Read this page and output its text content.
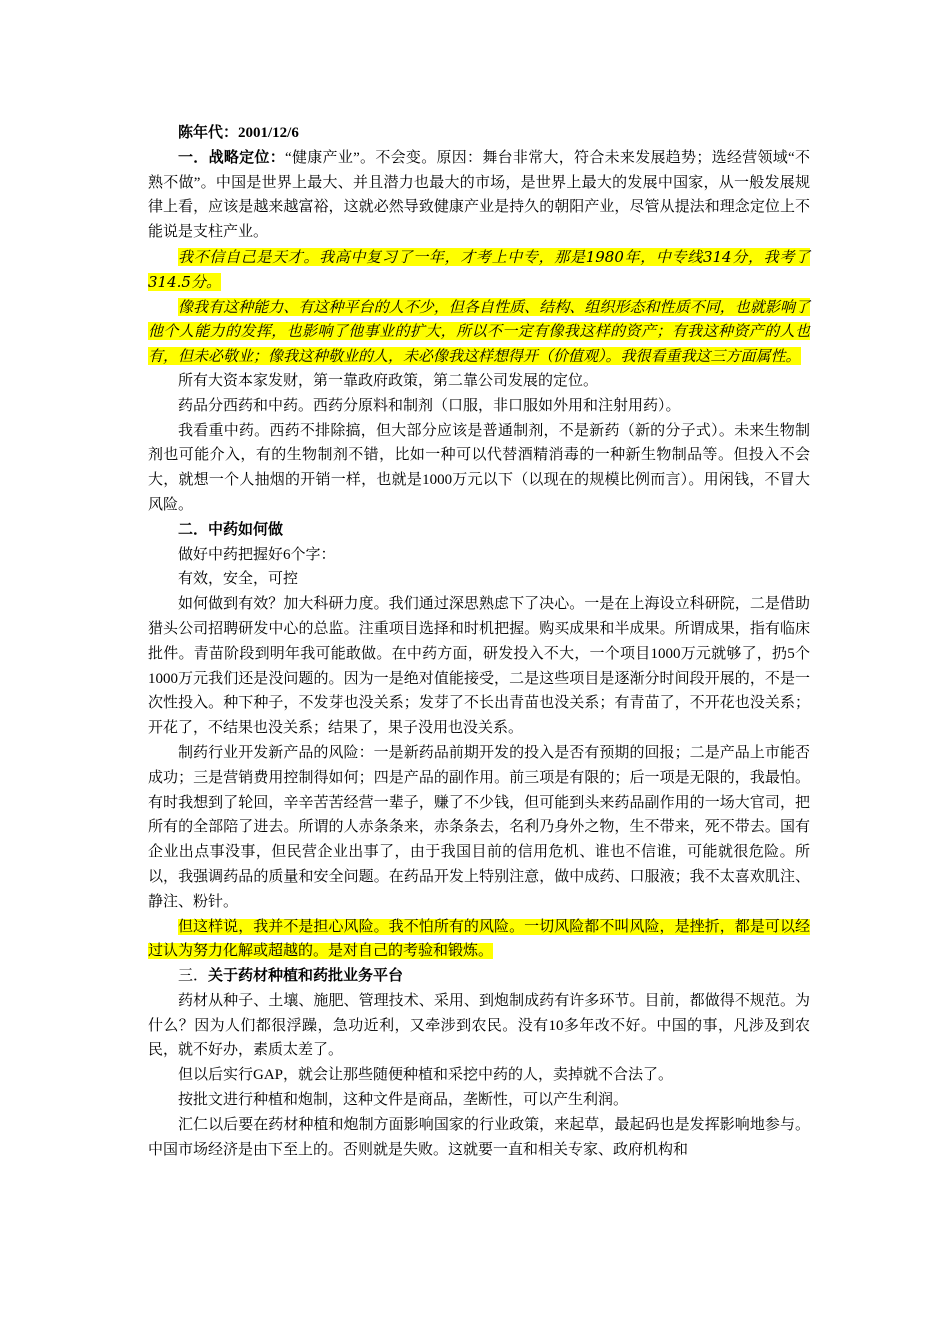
陈年代：2001/12/6
一．战略定位：“健康产业”。不会变。原因：舞台非常大，符合未来发展趋势；选经营领域“不熟不做”。中国是世界上最大、并且潜力也最大的市场，是世界上最大的发展中国家，从一般发展规律上看，应该是越来越富裕，这就必然导致健康产业是持久的朝阳产业，尽管从提法和理念定位上不能说是支柱产业。
我不信自己是天才。我高中复习了一年，才考上中专，那是1980年，中专线314分，我考了314.5分。
像我有这种能力、有这种平台的人不少，但各自性质、结构、组织形态和性质不同，也就影响了他个人能力的发挥，也影响了他事业的扩大，所以不一定有像我这样的资产；有我这种资产的人也有，但未必敬业；像我这种敬业的人，未必像我这样想得开（价值观）。我很看重我这三方面属性。
所有大资本家发财，第一靠政府政策，第二靠公司发展的定位。
药品分西药和中药。西药分原料和制剂（口服，非口服如外用和注射用药）。
我看重中药。西药不排除搞，但大部分应该是普通制剂，不是新药（新的分子式）。未来生物制剂也可能介入，有的生物制剂不错，比如一种可以代替酒精消毒的一种新生物制品等。但投入不会大，就想一个人抽烟的开销一样，也就是1000万元以下（以现在的规模比例而言）。用闲钱，不冒大风险。
二．中药如何做
做好中药把握好6个字：
有效，安全，可控
如何做到有效？加大科研力度。我们通过深思熟虑下了决心。一是在上海设立科研院，二是借助猎头公司招聘研发中心的总监。注重项目选择和时机把握。购买成果和半成果。所谓成果，指有临床批件。青苗阶段到明年我可能敢做。在中药方面，研发投入不大，一个项目1000万元就够了，扔5个1000万元我们还是没问题的。因为一是绝对值能接受，二是这些项目是逐渐分时间段开展的，不是一次性投入。种下种子，不发芽也没关系；发芽了不长出青苗也没关系；有青苗了，不开花也没关系；开花了，不结果也没关系；结果了，果子没用也没关系。
制药行业开发新产品的风险：一是新药品前期开发的投入是否有预期的回报；二是产品上市能否成功；三是营销费用控制得如何；四是产品的副作用。前三项是有限的；后一项是无限的，我最怕。有时我想到了轮回，辛辛苦苦经营一辈子，赚了不少钱，但可能到头来药品副作用的一场大官司，把所有的全部陪了进去。所谓的人赤条条来，赤条条去，名利乃身外之物，生不带来，死不带去。国有企业出点事没事，但民营企业出事了，由于我国目前的信用危机、谁也不信谁，可能就很危险。所以，我强调药品的质量和安全问题。在药品开发上特别注意，做中成药、口服液；我不太喜欢肌注、静注、粉针。
但这样说，我并不是担心风险。我不怕所有的风险。一切风险都不叫风险，是挫折，都是可以经过认为努力化解或超越的。是对自己的考验和锻炼。
三．关于药材种植和药批业务平台
药材从种子、土壤、施肥、管理技术、采用、到炮制成药有许多环节。目前，都做得不规范。为什么？因为人们都很浮躁，急功近利，又牵涉到农民。没有10多年改不好。中国的事，凡涉及到农民，就不好办，素质太差了。
但以后实行GAP，就会让那些随便种植和采挖中药的人，卖掉就不合法了。
按批文进行种植和炮制，这种文件是商品，垄断性，可以产生利润。
汇仁以后要在药材种植和炮制方面影响国家的行业政策，来起草，最起码也是发挥影响地参与。中国市场经济是由下至上的。否则就是失败。这就要一直和相关专家、政府机构和
